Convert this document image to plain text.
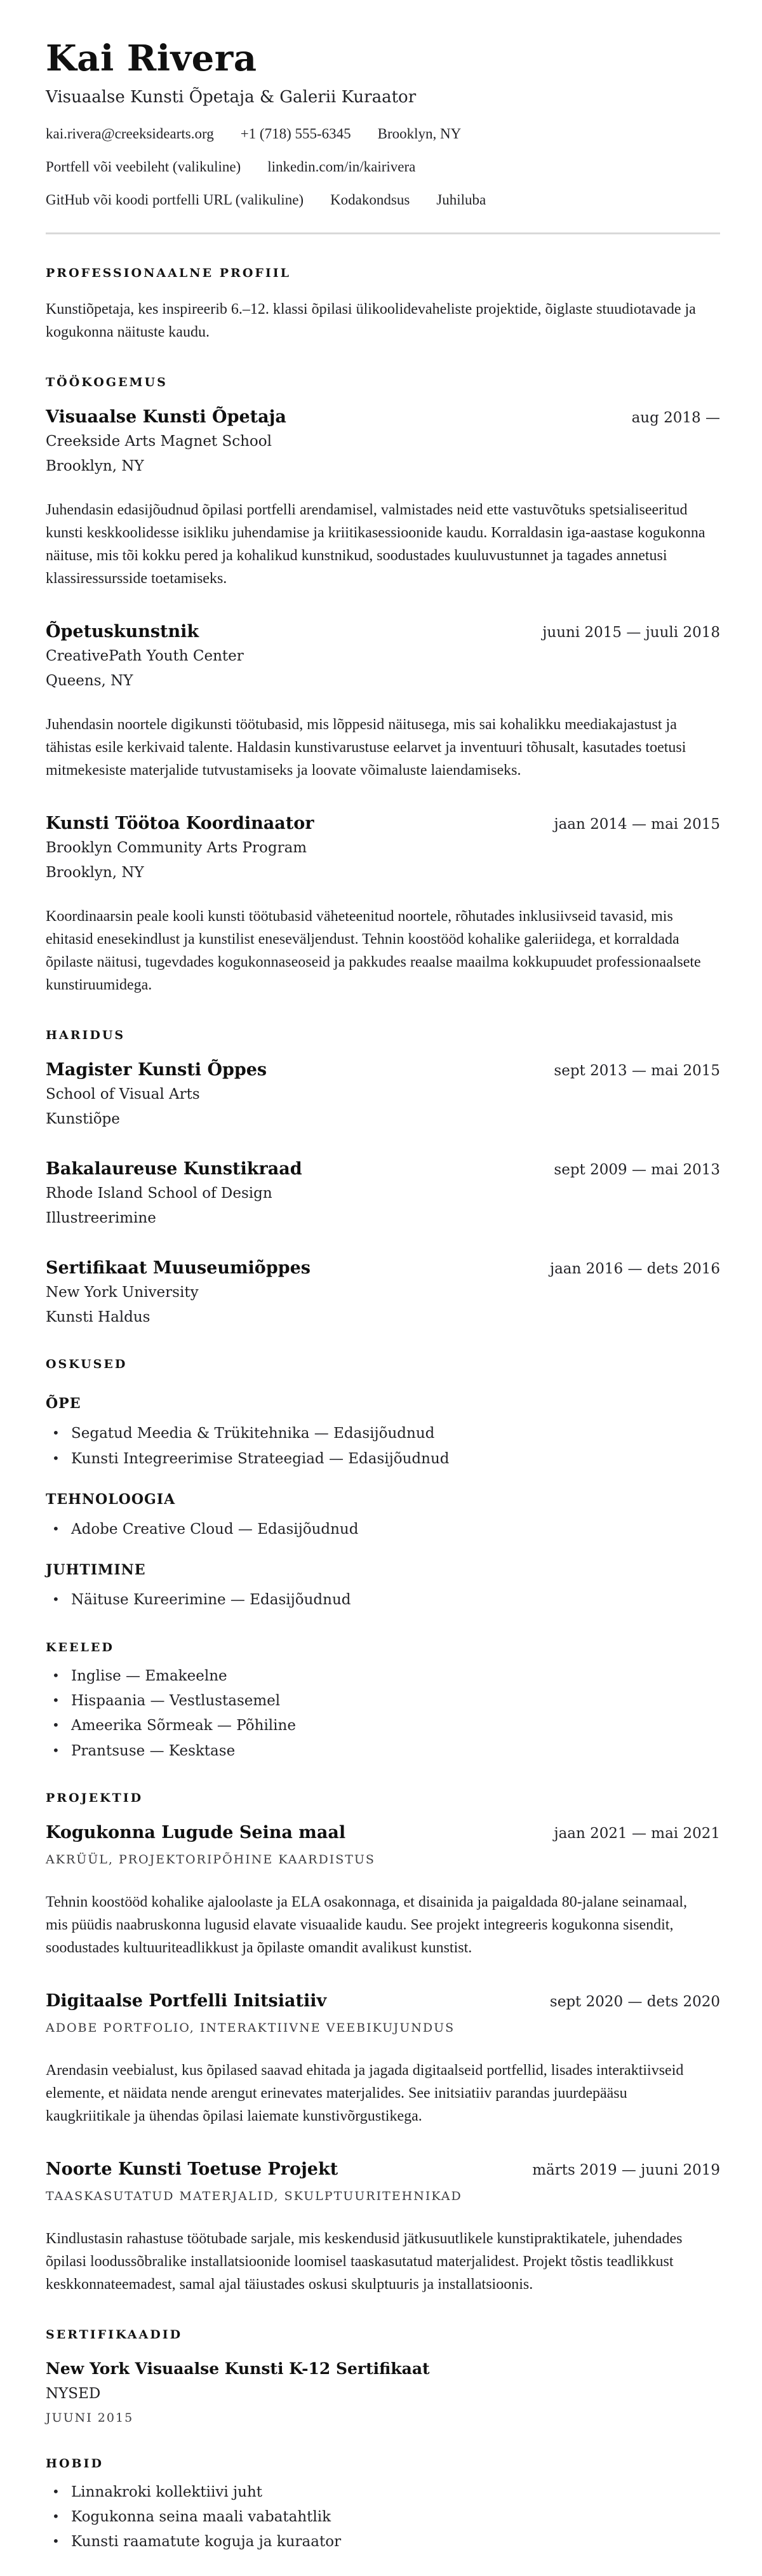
Kai Rivera
Visuaalse Kunsti Õpetaja & Galerii Kuraator
kai.rivera@creeksidearts.org +1 (718) 555-6345 Brooklyn, NY
Portfell või veebileht (valikuline) linkedin.com/in/kairivera
GitHub või koodi portfelli URL (valikuline) Kodakondsus Juhiluba
PROFESSIONAALNE PROFIIL

Kunstiõpetaja, kes inspireerib 6.–12. klassi õpilasi ülikoolidevaheliste projektide, õiglaste stuudiotavade ja kogukonna näituste kaudu.

TÖÖKOGEMUS
Visuaalse Kunsti Õpetaja	aug 2018 —
Creekside Arts Magnet School
Brooklyn, NY

Juhendasin edasijõudnud õpilasi portfelli arendamisel, valmistades neid ette vastuvõtuks spetsialiseeritud kunsti keskkoolidesse isikliku juhendamise ja kriitikasessioonide kaudu. Korraldasin iga-aastase kogukonna näituse, mis tõi kokku pered ja kohalikud kunstnikud, soodustades kuuluvustunnet ja tagades annetusi klassiressursside toetamiseks.

Õpetuskunstnik	juuni 2015 — juuli 2018
CreativePath Youth Center
Queens, NY

Juhendasin noortele digikunsti töötubasid, mis lõppesid näitusega, mis sai kohalikku meediakajastust ja tähistas esile kerkivaid talente. Haldasin kunstivarustuse eelarvet ja inventuuri tõhusalt, kasutades toetusi mitmekesiste materjalide tutvustamiseks ja loovate võimaluste laiendamiseks.

Kunsti Töötoa Koordinaator	jaan 2014 — mai 2015
Brooklyn Community Arts Program
Brooklyn, NY

Koordinaarsin peale kooli kunsti töötubasid väheteenitud noortele, rõhutades inklusiivseid tavasid, mis ehitasid enesekindlust ja kunstilist eneseväljendust. Tehnin koostööd kohalike galeriidega, et korraldada õpilaste näitusi, tugevdades kogukonnaseoseid ja pakkudes reaalse maailma kokkupuudet professionaalsete kunstiruumidega.

HARIDUS
Magister Kunsti Õppes	sept 2013 — mai 2015
School of Visual Arts
Kunstiõpe
Bakalaureuse Kunstikraad	sept 2009 — mai 2013
Rhode Island School of Design
Illustreerimine
Sertifikaat Muuseumiõppes	jaan 2016 — dets 2016
New York University
Kunsti Haldus
OSKUSED
ÕPE
• Segatud Meedia & Trükitehnika — Edasijõudnud
• Kunsti Integreerimise Strateegiad — Edasijõudnud
TEHNOLOOGIA
• Adobe Creative Cloud — Edasijõudnud
JUHTIMINE
• Näituse Kureerimine — Edasijõudnud
KEELED
• Inglise — Emakeelne
• Hispaania — Vestlustasemel
• Ameerika Sõrmeak — Põhiline
• Prantsuse — Kesktase
PROJEKTID
Kogukonna Lugude Seina maal	jaan 2021 — mai 2021
AKRÜÜL, PROJEKTORIPÕHINE KAARDISTUS

Tehnin koostööd kohalike ajaloolaste ja ELA osakonnaga, et disainida ja paigaldada 80-jalane seinamaal, mis püüdis naabruskonna lugusid elavate visuaalide kaudu. See projekt integreeris kogukonna sisendit, soodustades kultuuriteadlikkust ja õpilaste omandit avalikust kunstist.

Digitaalse Portfelli Initsiatiiv	sept 2020 — dets 2020
ADOBE PORTFOLIO, INTERAKTIIVNE VEEBIKUJUNDUS

Arendasin veebialust, kus õpilased saavad ehitada ja jagada digitaalseid portfellid, lisades interaktiivseid elemente, et näidata nende arengut erinevates materjalides. See initsiatiiv parandas juurdepääsu kaugkriitikale ja ühendas õpilasi laiemate kunstivõrgustikega.

Noorte Kunsti Toetuse Projekt	märts 2019 — juuni 2019
TAASKASUTATUD MATERJALID, SKULPTUURITEHNIKAD

Kindlustasin rahastuse töötubade sarjale, mis keskendusid jätkusuutlikele kunstipraktikatele, juhendades õpilasi loodussõbralike installatsioonide loomisel taaskasutatud materjalidest. Projekt tõstis teadlikkust keskkonnateemadest, samal ajal täiustades oskusi skulptuuris ja installatsioonis.

SERTIFIKAADID
New York Visuaalse Kunsti K-12 Sertifikaat
NYSED
JUUNI 2015
HOBID
• Linnakroki kollektiivi juht
• Kogukonna seina maali vabatahtlik
• Kunsti raamatute koguja ja kuraator
